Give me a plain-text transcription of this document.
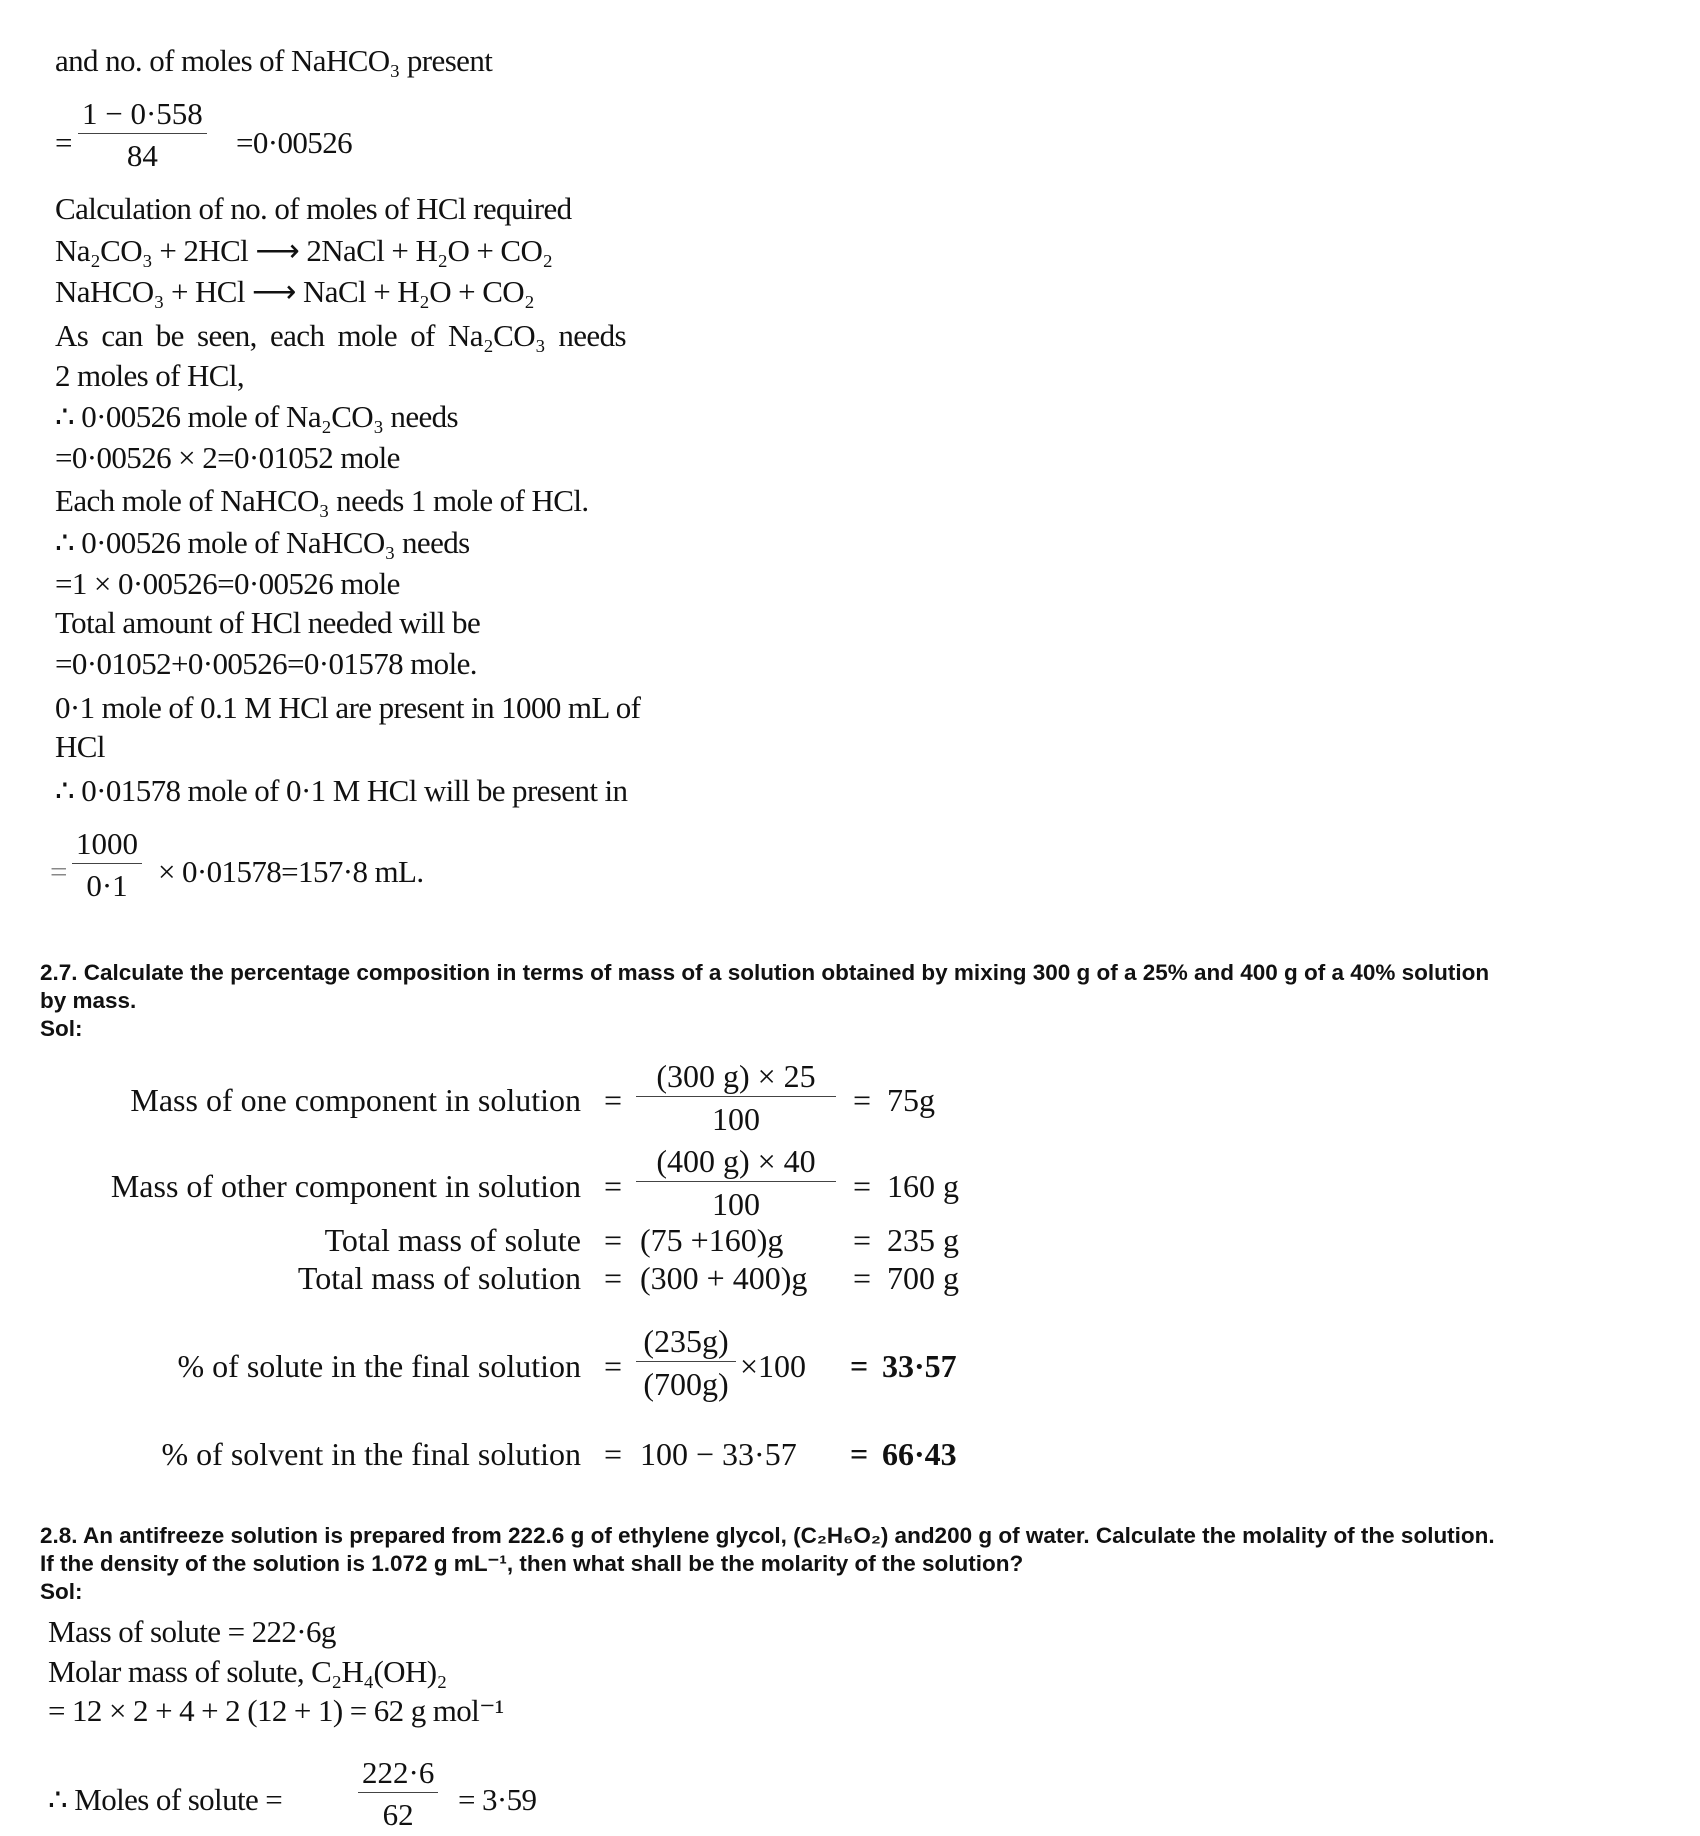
and no. of moles of NaHCO₃ present
= $\frac{1 - 0\cdot 558}{84} =0\cdot 00526$
Calculation of no. of moles of HCl required
Na₂CO₃ + 2HCl ⟶ 2NaCl + H₂O + CO₂
NaHCO₃ + HCl ⟶ NaCl + H₂O + CO₂
As can be seen, each mole of Na₂CO₃ needs
2 moles of HCl,
∴ 0·00526 mole of Na₂CO₃ needs
=0·00526 × 2=0·01052 mole
Each mole of NaHCO₃ needs 1 mole of HCl.
∴ 0·00526 mole of NaHCO₃ needs
=1 × 0·00526=0·00526 mole
Total amount of HCl needed will be
=0·01052+0·00526=0·01578 mole.
0·1 mole of 0.1 M HCl are present in 1000 mL of
HCl
∴ 0·01578 mole of 0·1 M HCl will be present in
= $\frac{1000}{0\cdot 1} \times 0\cdot 01578=157\cdot 8$ mL.
2.7. Calculate the percentage composition in terms of mass of a solution obtained by mixing 300 g of a 25% and 400 g of a 40% solution
by mass.
Sol:
Mass of one component in solution = $\frac{(300 g) \times 25}{100} = 75g$
Mass of other component in solution = $\frac{(400 g) \times 40}{100} = 160$ g
Total mass of solute = (75 +160)g = 235 g
Total mass of solution = (300 + 400)g = 700 g
% of solute in the final solution = $\frac{(235g)}{(700g)} \times 100 = 33\cdot 57$
% of solvent in the final solution = 100 − 33·57 = 66·43
2.8. An antifreeze solution is prepared from 222.6 g of ethylene glycol, (C₂H₆O₂) and200 g of water. Calculate the molality of the solution.
If the density of the solution is 1.072 g mL⁻¹, then what shall be the molarity of the solution?
Sol:
Mass of solute = 222·6g
Molar mass of solute, C₂H₄(OH)₂
= 12 × 2 + 4 + 2 (12 + 1) = 62 g mol⁻¹
∴ Moles of solute = $\frac{222\cdot 6}{62} = 3\cdot 59$
